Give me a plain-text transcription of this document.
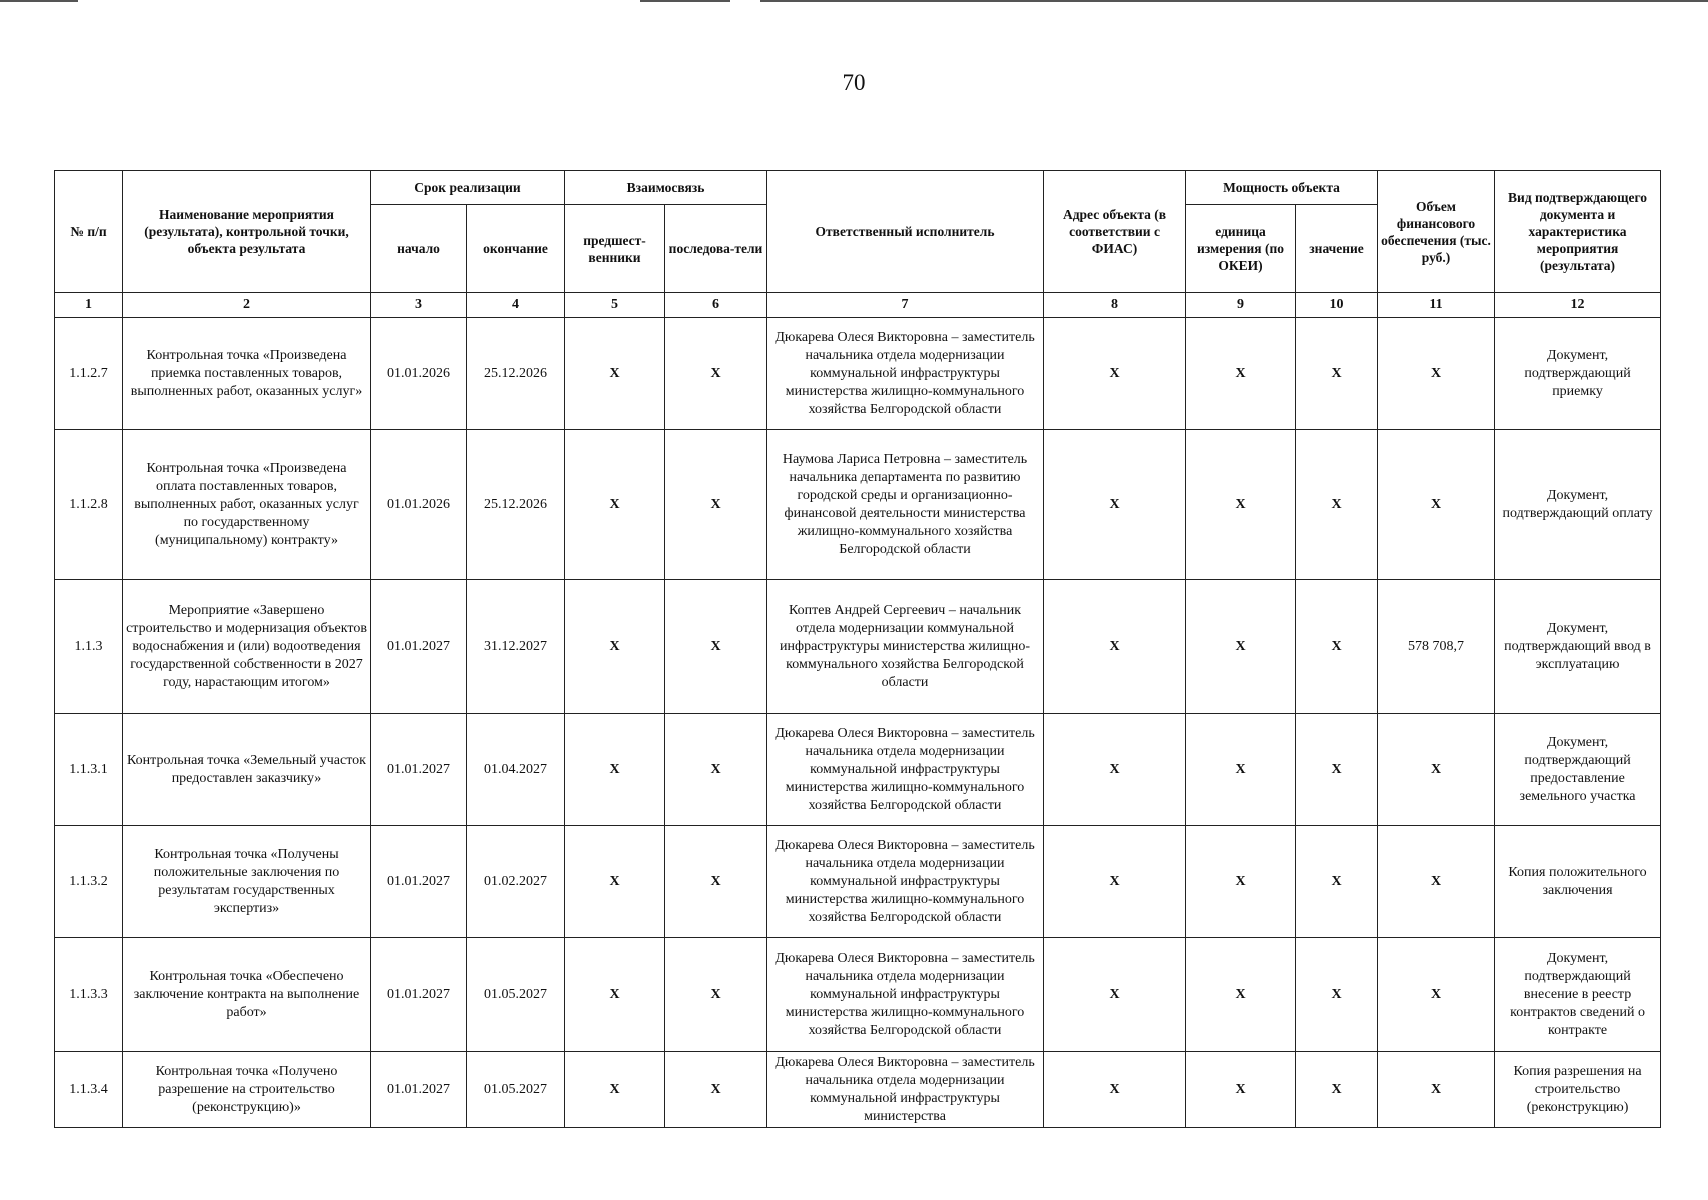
70
№ п/п	Наименование мероприятия (результата), контрольной точки, объекта результата	Срок реализации		Взаимосвязь		Ответственный исполнитель	Адрес объекта (в соответствии с ФИАС)	Мощность объекта		Объем финансового обеспечения (тыс. руб.)	Вид подтверждающего документа и характеристика мероприятия (результата)
		начало	окончание	предшест-венники	последова-тели			единица измерения (по ОКЕИ)	значение		
1	2	3	4	5	6	7	8	9	10	11	12
1.1.2.7	Контрольная точка «Произведена приемка поставленных товаров, выполненных работ, оказанных услуг»	01.01.2026	25.12.2026	X	X	Дюкарева Олеся Викторовна – заместитель начальника отдела модернизации коммунальной инфраструктуры министерства жилищно-коммунального хозяйства Белгородской области	X	X	X	X	Документ, подтверждающий приемку
1.1.2.8	Контрольная точка «Произведена оплата поставленных товаров, выполненных работ, оказанных услуг по государственному (муниципальному) контракту»	01.01.2026	25.12.2026	X	X	Наумова Лариса Петровна – заместитель начальника департамента по развитию городской среды и организационно-финансовой деятельности министерства жилищно-коммунального хозяйства Белгородской области	X	X	X	X	Документ, подтверждающий оплату
1.1.3	Мероприятие «Завершено строительство и модернизация объектов водоснабжения и (или) водоотведения государственной собственности в 2027 году, нарастающим итогом»	01.01.2027	31.12.2027	X	X	Коптев Андрей Сергеевич – начальник отдела модернизации коммунальной инфраструктуры министерства жилищно-коммунального хозяйства Белгородской области	X	X	X	578 708,7	Документ, подтверждающий ввод в эксплуатацию
1.1.3.1	Контрольная точка «Земельный участок предоставлен заказчику»	01.01.2027	01.04.2027	X	X	Дюкарева Олеся Викторовна – заместитель начальника отдела модернизации коммунальной инфраструктуры министерства жилищно-коммунального хозяйства Белгородской области	X	X	X	X	Документ, подтверждающий предоставление земельного участка
1.1.3.2	Контрольная точка «Получены положительные заключения по результатам государственных экспертиз»	01.01.2027	01.02.2027	X	X	Дюкарева Олеся Викторовна – заместитель начальника отдела модернизации коммунальной инфраструктуры министерства жилищно-коммунального хозяйства Белгородской области	X	X	X	X	Копия положительного заключения
1.1.3.3	Контрольная точка «Обеспечено заключение контракта на выполнение работ»	01.01.2027	01.05.2027	X	X	Дюкарева Олеся Викторовна – заместитель начальника отдела модернизации коммунальной инфраструктуры министерства жилищно-коммунального хозяйства Белгородской области	X	X	X	X	Документ, подтверждающий внесение в реестр контрактов сведений о контракте
1.1.3.4	Контрольная точка «Получено разрешение на строительство (реконструкцию)»	01.01.2027	01.05.2027	X	X	Дюкарева Олеся Викторовна – заместитель начальника отдела модернизации коммунальной инфраструктуры министерства	X	X	X	X	Копия разрешения на строительство (реконструкцию)
